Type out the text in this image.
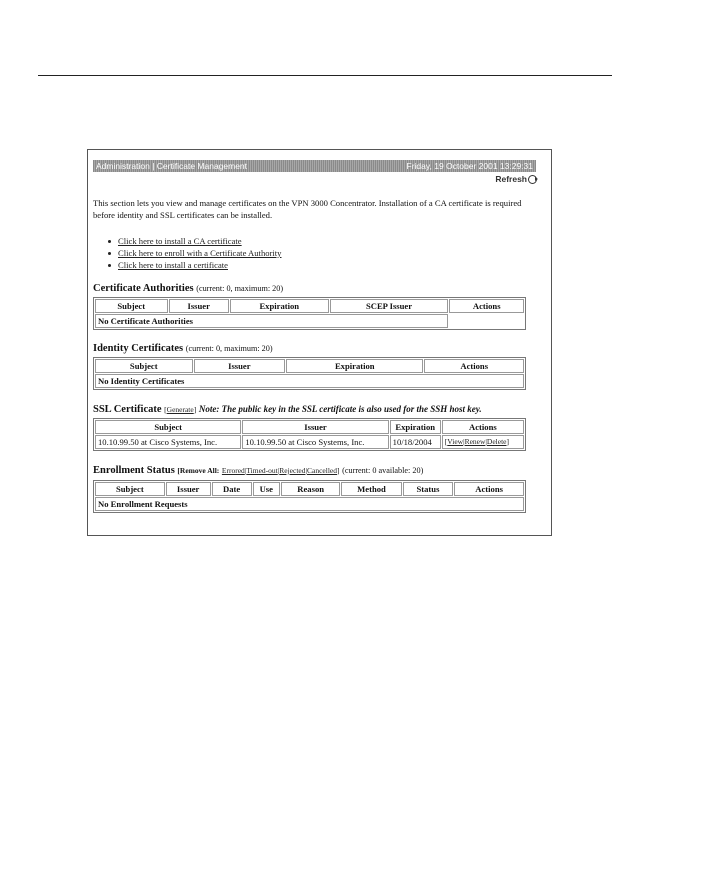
Administration | Certificate Management	Friday, 19 October 2001 13:29:31
Refresh
This section lets you view and manage certificates on the VPN 3000 Concentrator. Installation of a CA certificate is required before identity and SSL certificates can be installed.
Click here to install a CA certificate
Click here to enroll with a Certificate Authority
Click here to install a certificate
Certificate Authorities (current: 0, maximum: 20)
Subject	Issuer	Expiration	SCEP Issuer	Actions
No Certificate Authorities				
Identity Certificates (current: 0, maximum: 20)
Subject	Issuer	Expiration	Actions
No Identity Certificates
SSL Certificate [Generate] Note: The public key in the SSL certificate is also used for the SSH host key.
Subject	Issuer	Expiration	Actions
10.10.99.50 at Cisco Systems, Inc.	10.10.99.50 at Cisco Systems, Inc.	10/18/2004	[View|Renew|Delete]
Enrollment Status [Remove All: Errored|Timed-out|Rejected|Cancelled] (current: 0 available: 20)
Subject	Issuer	Date	Use	Reason	Method	Status	Actions
No Enrollment Requests
